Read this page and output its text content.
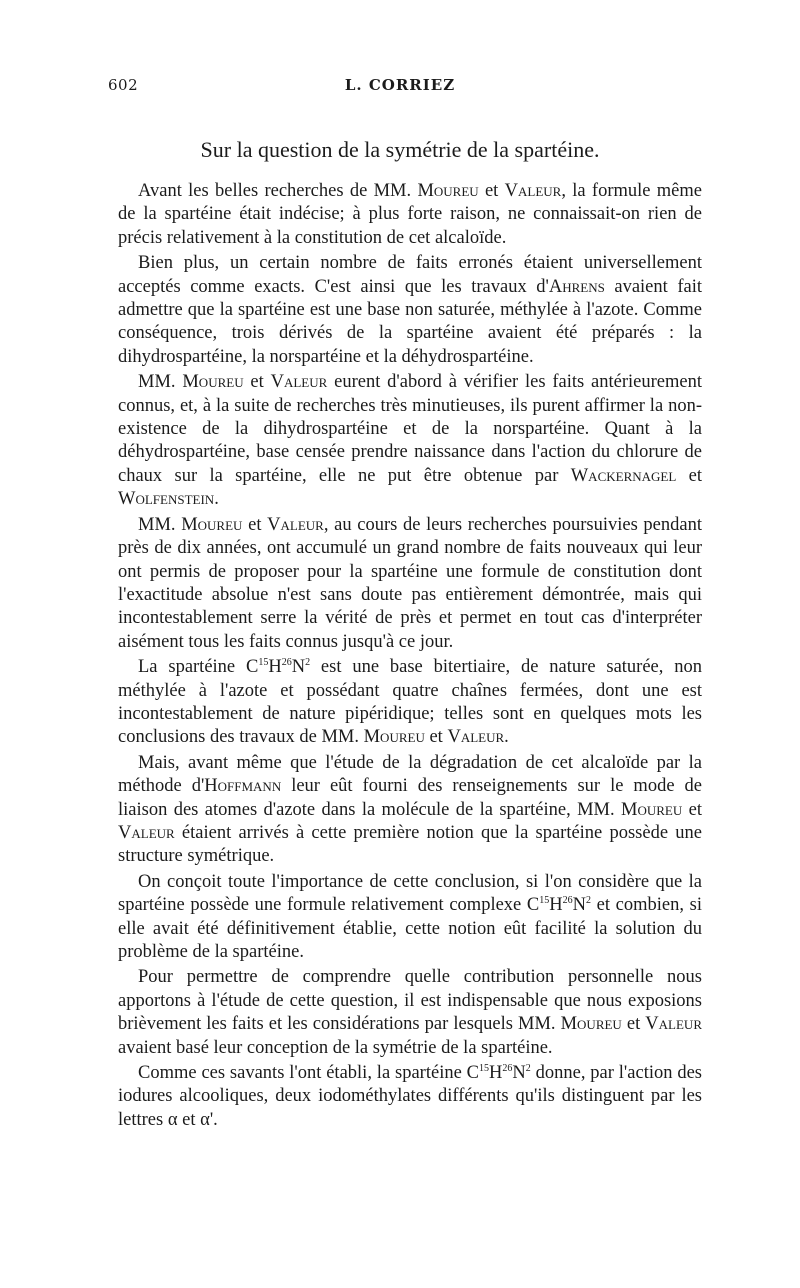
602	L. CORRIEZ
Sur la question de la symétrie de la spartéine.

Avant les belles recherches de MM. Moureu et Valeur, la formule même de la spartéine était indécise; à plus forte raison, ne connaissait-on rien de précis relativement à la constitution de cet alcaloïde.

Bien plus, un certain nombre de faits erronés étaient universellement acceptés comme exacts. C'est ainsi que les travaux d'Ahrens avaient fait admettre que la spartéine est une base non saturée, méthylée à l'azote. Comme conséquence, trois dérivés de la spartéine avaient été préparés : la dihydrospartéine, la norspartéine et la déhydrospartéine.

MM. Moureu et Valeur eurent d'abord à vérifier les faits antérieurement connus, et, à la suite de recherches très minutieuses, ils purent affirmer la non-existence de la dihydrospartéine et de la norspartéine. Quant à la déhydrospartéine, base censée prendre naissance dans l'action du chlorure de chaux sur la spartéine, elle ne put être obtenue par Wackernagel et Wolfenstein.

MM. Moureu et Valeur, au cours de leurs recherches poursuivies pendant près de dix années, ont accumulé un grand nombre de faits nouveaux qui leur ont permis de proposer pour la spartéine une formule de constitution dont l'exactitude absolue n'est sans doute pas entièrement démontrée, mais qui incontestablement serre la vérité de près et permet en tout cas d'interpréter aisément tous les faits connus jusqu'à ce jour.

La spartéine $C^{15}H^{26}N^2$ est une base bitertiaire, de nature saturée, non méthylée à l'azote et possédant quatre chaînes fermées, dont une est incontestablement de nature pipéridique; telles sont en quelques mots les conclusions des travaux de MM. Moureu et Valeur.

Mais, avant même que l'étude de la dégradation de cet alcaloïde par la méthode d'Hoffmann leur eût fourni des renseignements sur le mode de liaison des atomes d'azote dans la molécule de la spartéine, MM. Moureu et Valeur étaient arrivés à cette première notion que la spartéine possède une structure symétrique.

On conçoit toute l'importance de cette conclusion, si l'on considère que la spartéine possède une formule relativement complexe $C^{15}H^{26}N^2$ et combien, si elle avait été définitivement établie, cette notion eût facilité la solution du problème de la spartéine.

Pour permettre de comprendre quelle contribution personnelle nous apportons à l'étude de cette question, il est indispensable que nous exposions brièvement les faits et les considérations par lesquels MM. Moureu et Valeur avaient basé leur conception de la symétrie de la spartéine.

Comme ces savants l'ont établi, la spartéine $C^{15}H^{26}N^2$ donne, par l'action des iodures alcooliques, deux iodométhylates différents qu'ils distinguent par les lettres α et α'.
